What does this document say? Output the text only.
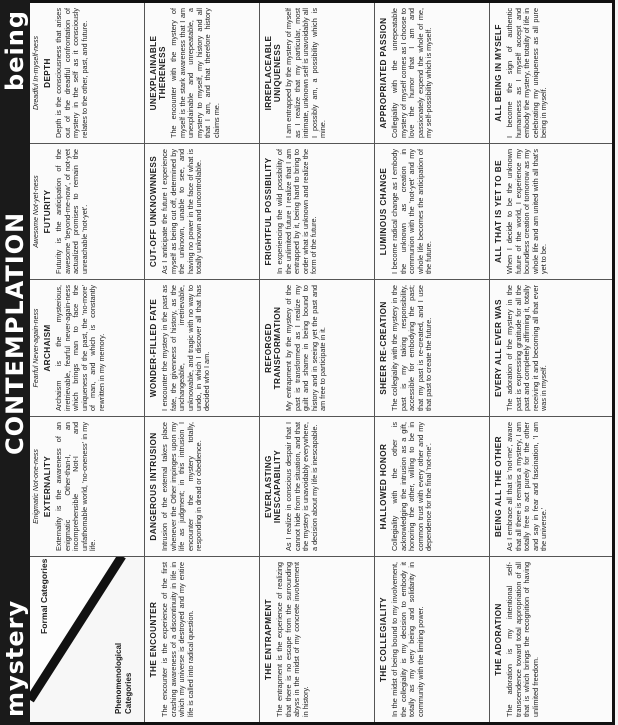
mystery
CONTEMPLATION
being
Formal Categories
Phenomenological Categories
Enigmatic Not-one-ness EXTERNALITY Externality is the awareness of an enigmatic Other-than-I, an incomprehensible Not-I and unfathomable world, 'no-oneness' in my life.
Fearful Never-again-ness ARCHAISM Archaism is the mysterious, irretrievable, fearful never-again-ness which brings man to face the uniqueness of the past, the 'no-more' of man, and which is constantly rewritten in my memory.
Awesome Not-yet-ness FUTURITY Futurity is the anticipation of the awesome 'beyond-me-now', of not-yet actualized promises to remain the unreachable 'not-yet'.
Dreadful In-myself-ness DEPTH Depth is the consciousness that arises out of the dreadful confrontation of mystery in the self as it consciously relates to the other, past, and future.
THE ENCOUNTER The encounter is the experience of the first crashing awareness of a discontinuity in life in which my universe is destroyed and my entire life is called into radical question.
DANGEROUS INTRUSION Intrusion of the external takes place whenever the Other impinges upon my life as judgment; in this intrusion I encounter the mystery totally, responding in dread or obedience.
WONDER-FILLED FATE I encounter the mystery in the past as fate, the givenness of history, as the unchangeable, irretrievable, unknowable, and tragic with no way to undo, in which I discover all that has decided who I am.
CUT-OFF UNKNOWNNESS As I anticipate the future I experience myself as being cut off, determined by the unknown, unable to see, and having no power in the face of what is totally unknown and uncontrollable.
UNEXPLAINABLE THERENESS The encounter with the mystery of myself is the stark awareness that I am unexplainable and unrepeatable, a mystery to myself, my history and all that I am, and that therefore history claims me.
THE ENTRAPMENT The entrapment is the experience of realizing that there is no escape from the surrounding abyss in the midst of my concrete involvement in history.
EVERLASTING INESCAPABILITY As I realize in conscious despair that I cannot hide from the situation, and that the mystery is unavoidably everywhere, a decision about my life is inescapable.
REFORGED TRANSFORMATION My entrapment by the mystery of the past is transformed as I realize my guilt and shame in being bound to history and in seeing yet the past and am free to participate in it.
FRIGHTFUL POSSIBILITY In experiencing the wild possibility of the unlimited future I realize that I am entrapped by it, being hard to bring to order what is unknown and realize the form of the future.
IRREPLACEABLE UNIQUENESS I am entrapped by the mystery of myself as I realize that my particular, most intimate, unknown self is unavoidably all I possibly am, a possibility which is mine.
THE COLLEGIALITY In the midst of being bound to my involvement, the collegiality is my decision to embody it totally as my very being and solidarity in community with the limiting power.
HALLOWED HONOR Collegiality with the other is acknowledging the intrusion as a gift, honoring the other, willing to be in common trust with every other and my dependence for the final 'not-me'.
SHEER RE-CREATION The collegiality with the mystery in the past is my taking responsibility, accessible for embodying the past; that my past is re-created, and I use that past to create the future.
LUMINOUS CHANGE I become radical change as I embody the unknown as creation in communion with the 'not-yet' and my whole life becomes the anticipation of the future.
APPROPRIATED PASSION Collegiality with the unrepeatable mystery of myself comes as I choose to love the humor that I am and passionately expend the whole of me, my self-possibility which is myself.
THE ADORATION The adoration is my intentional self-transcendence toward total appropriation of all that is which brings the recognition of having unlimited freedom.
BEING ALL THE OTHER As I embrace all that is 'not-me', aware that all there is remains a mystery, I am totally free to act purely for the other and say in fear and fascination, 'I am the universe.'
EVERY ALL EVER WAS The adoration of the mystery in the past is expressing gratitude for all the past and completely affirming it, totally receiving it and becoming all that ever was in myself.
ALL THAT IS YET TO BE When I decide to be the unknown future of the world, I experience my boundless creation of tomorrow as my whole life and am united with all that's yet to be.
ALL BEING IN MYSELF I become the sign of authentic humanness as I myself accept and embody the mystery, the totality of life in celebrating my uniqueness as all pure being in myself.
